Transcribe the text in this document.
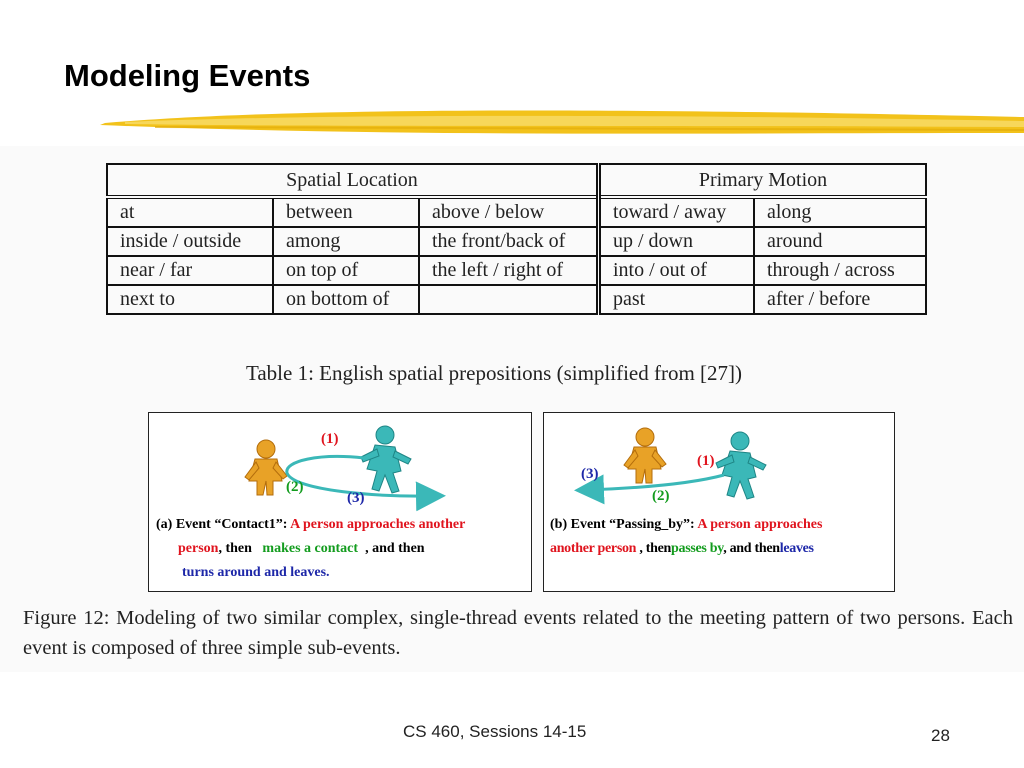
Modeling Events
Spatial Location			Primary Motion	
at	between	above / below	toward / away	along
inside / outside	among	the front/back of	up / down	around
near / far	on top of	the left / right of	into / out of	through / across
next to	on bottom of		past	after / before
Table 1: English spatial prepositions (simplified from [27])
(1)
(2)
(3)
(a) Event “Contact1”: A person approaches another
person, then makes a contact , and then
turns around and leaves.
(1)
(2)
(3)
(b) Event “Passing_by”: A person approaches
another person , thenpasses by, and thenleaves
Figure 12: Modeling of two similar complex, single-thread events related to the meeting pattern of two persons. Each event is composed of three simple sub-events.
CS 460, Sessions 14-15	28
